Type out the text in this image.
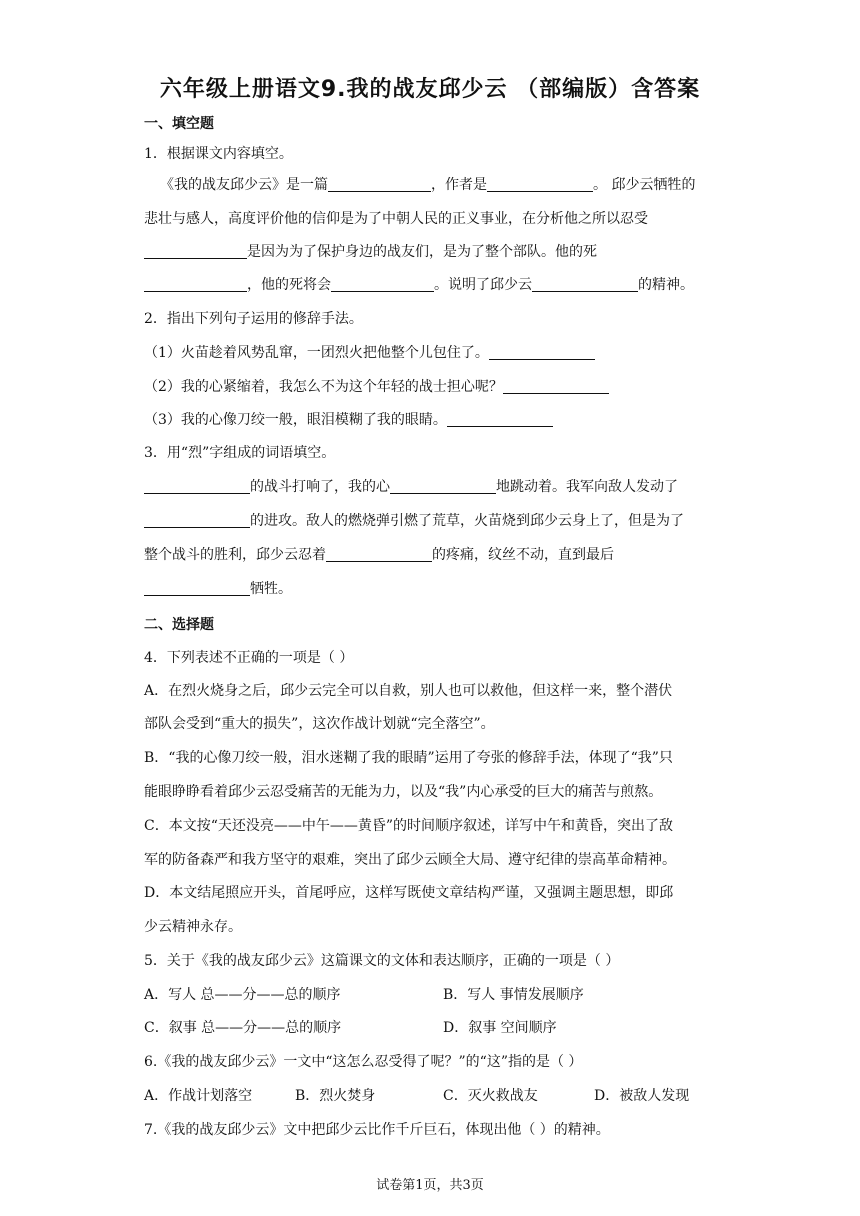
六年级上册语文9.我的战友邱少云 （部编版）含答案
一、填空题
1．根据课文内容填空。
《我的战友邱少云》是一篇	，作者是	。 邱少云牺牲的
悲壮与感人，高度评价他的信仰是为了中朝人民的正义事业，在分析他之所以忍受
是因为为了保护身边的战友们，是为了整个部队。他的死
，他的死将会	。说明了邱少云	的精神。
2．指出下列句子运用的修辞手法。
（1）火苗趁着风势乱窜，一团烈火把他整个儿包住了。
（2）我的心紧缩着，我怎么不为这个年轻的战士担心呢？
（3）我的心像刀绞一般，眼泪模糊了我的眼睛。
3．用“烈”字组成的词语填空。
的战斗打响了，我的心	地跳动着。我军向敌人发动了
的进攻。敌人的燃烧弹引燃了荒草，火苗烧到邱少云身上了，但是为了
整个战斗的胜利，邱少云忍着	的疼痛，纹丝不动，直到最后
牺牲。
二、选择题
4．下列表述不正确的一项是（ ）
A．在烈火烧身之后，邱少云完全可以自救，别人也可以救他，但这样一来，整个潜伏
部队会受到“重大的损失”，这次作战计划就“完全落空”。
B．“我的心像刀绞一般，泪水迷糊了我的眼睛”运用了夸张的修辞手法，体现了“我”只
能眼睁睁看着邱少云忍受痛苦的无能为力，以及“我”内心承受的巨大的痛苦与煎熬。
C．本文按“天还没亮——中午——黄昏”的时间顺序叙述，详写中午和黄昏，突出了敌
军的防备森严和我方坚守的艰难，突出了邱少云顾全大局、遵守纪律的崇高革命精神。
D．本文结尾照应开头，首尾呼应，这样写既使文章结构严谨，又强调主题思想，即邱
少云精神永存。
5．关于《我的战友邱少云》这篇课文的文体和表达顺序，正确的一项是（ ）
A．写人 总——分——总的顺序	B．写人 事情发展顺序
C．叙事 总——分——总的顺序	D．叙事 空间顺序
6.《我的战友邱少云》一文中“这怎么忍受得了呢？”的“这”指的是（ ）
A．作战计划落空	B．烈火焚身	C．灭火救战友	D．被敌人发现
7.《我的战友邱少云》文中把邱少云比作千斤巨石，体现出他（ ）的精神。
试卷第1页，共3页
